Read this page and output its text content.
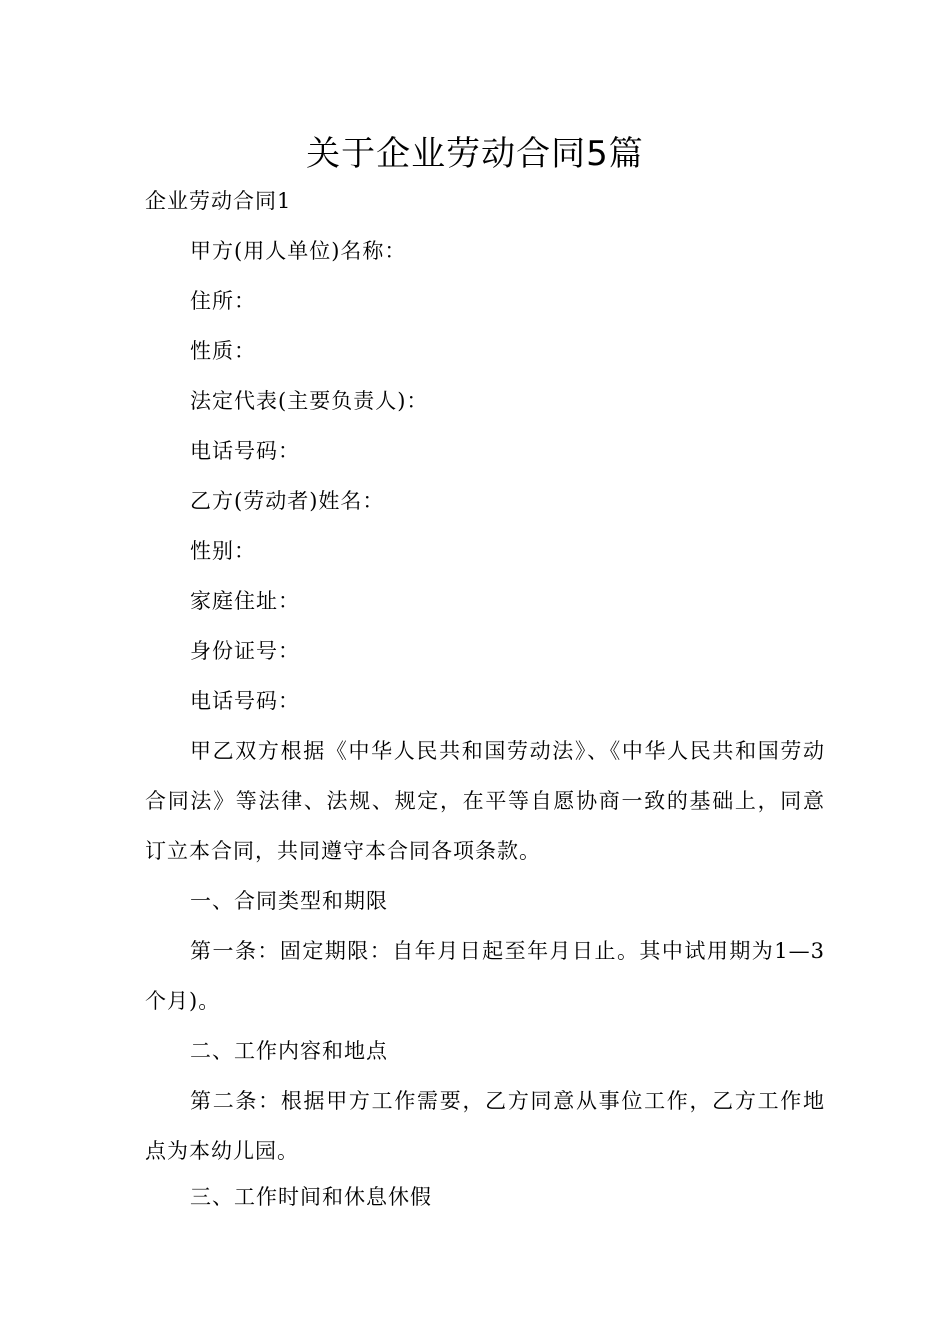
关于企业劳动合同5篇
企业劳动合同1
甲方(用人单位)名称：
住所：
性质：
法定代表(主要负责人)：
电话号码：
乙方(劳动者)姓名：
性别：
家庭住址：
身份证号：
电话号码：
甲乙双方根据《中华人民共和国劳动法》、《中华人民共和国劳动合同法》等法律、法规、规定，在平等自愿协商一致的基础上，同意订立本合同，共同遵守本合同各项条款。
一、合同类型和期限
第一条：固定期限：自年月日起至年月日止。其中试用期为1—3个月)。
二、工作内容和地点
第二条：根据甲方工作需要，乙方同意从事位工作，乙方工作地点为本幼儿园。
三、工作时间和休息休假
